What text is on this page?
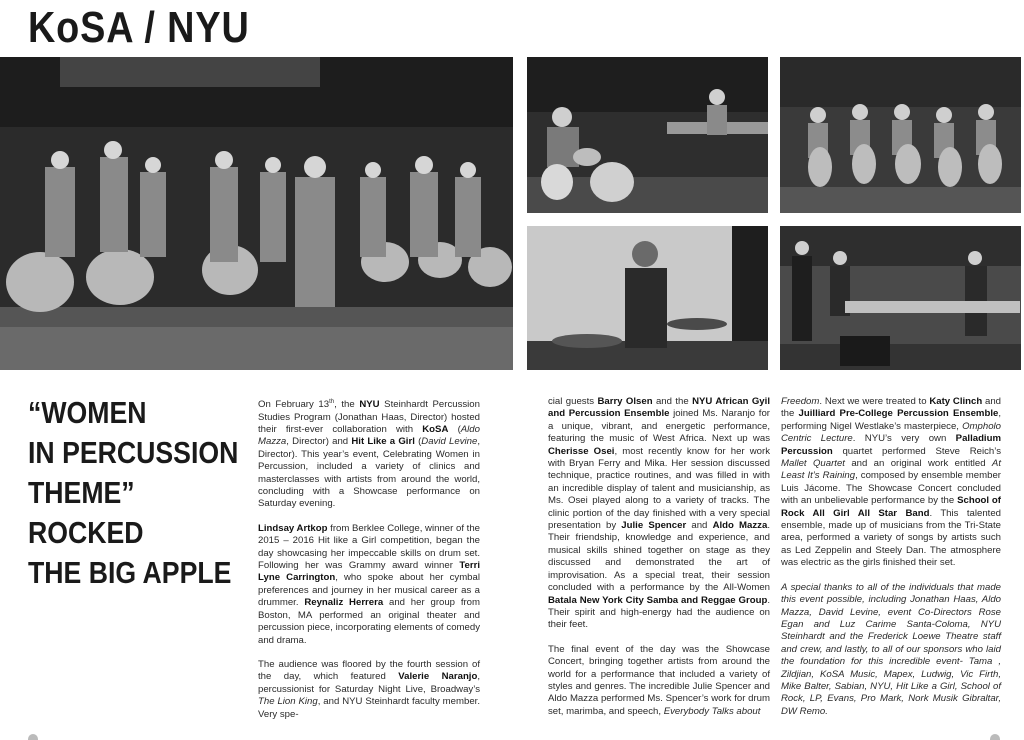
KoSA / NYU
“WOMEN
IN PERCUSSION
THEME”
ROCKED
THE BIG APPLE

On February 13th, the NYU Steinhardt Percussion Studies Program (Jonathan Haas, Director) hosted their first-ever collaboration with KoSA (Aldo Mazza, Director) and Hit Like a Girl (David Levine, Director). This year’s event, Celebrating Women in Percussion, included a variety of clinics and masterclasses with artists from around the world, concluding with a Showcase performance on Saturday evening.

Lindsay Artkop from Berklee College, winner of the 2015 – 2016 Hit like a Girl competition, began the day showcasing her impeccable skills on drum set. Following her was Grammy award winner Terri Lyne Carrington, who spoke about her cymbal preferences and journey in her musical career as a drummer. Reynaliz Herrera and her group from Boston, MA performed an original theater and percussion piece, incorporating elements of comedy and drama.

The audience was floored by the fourth session of the day, which featured Valerie Naranjo, percussionist for Saturday Night Live, Broadway’s The Lion King, and NYU Steinhardt faculty member. Very spe-

cial guests Barry Olsen and the NYU African Gyil and Percussion Ensemble joined Ms. Naranjo for a unique, vibrant, and energetic performance, featuring the music of West Africa. Next up was Cherisse Osei, most recently know for her work with Bryan Ferry and Mika. Her session discussed technique, practice routines, and was filled in with an incredible display of talent and musicianship, as Ms. Osei played along to a variety of tracks. The clinic portion of the day finished with a very special presentation by Julie Spencer and Aldo Mazza. Their friendship, knowledge and experience, and musical skills shined together on stage as they discussed and demonstrated the art of improvisation. As a special treat, their session concluded with a performance by the All-Women Batala New York City Samba and Reggae Group. Their spirit and high-energy had the audience on their feet.

The final event of the day was the Showcase Concert, bringing together artists from around the world for a performance that included a variety of styles and genres. The incredible Julie Spencer and Aldo Mazza performed Ms. Spencer’s work for drum set, marimba, and speech, Everybody Talks about

Freedom. Next we were treated to Katy Clinch and the Juilliard Pre-College Percussion Ensemble, performing Nigel Westlake’s masterpiece, Ompholo Centric Lecture. NYU’s very own Palladium Percussion quartet performed Steve Reich’s Mallet Quartet and an original work entitled At Least It’s Raining, composed by ensemble member Luis Jácome. The Showcase Concert concluded with an unbelievable performance by the School of Rock All Girl All Star Band. This talented ensemble, made up of musicians from the Tri-State area, performed a variety of songs by artists such as Led Zeppelin and Steely Dan. The atmosphere was electric as the girls finished their set.

A special thanks to all of the individuals that made this event possible, including Jonathan Haas, Aldo Mazza, David Levine, event Co-Directors Rose Egan and Luz Carime Santa-Coloma, NYU Steinhardt and the Frederick Loewe Theatre staff and crew, and lastly, to all of our sponsors who laid the foundation for this incredible event- Tama , Zildjian, KoSA Music, Mapex, Ludwig, Vic Firth, Mike Balter, Sabian, NYU, Hit Like a Girl, School of Rock, LP, Evans, Pro Mark, Nork Musik Gibraltar, DW Remo.
